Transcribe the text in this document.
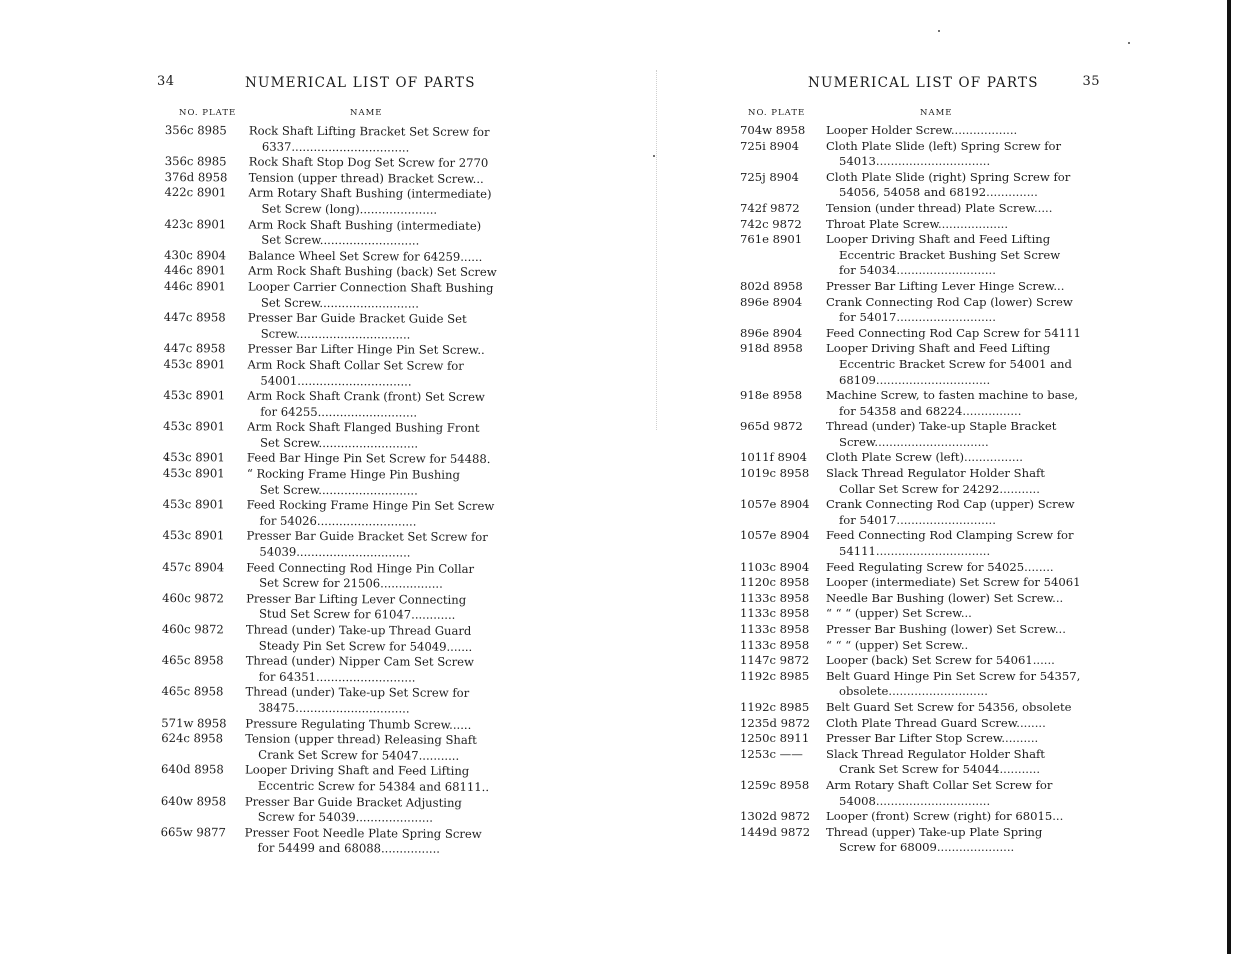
34	NUMERICAL LIST OF PARTS
NO. PLATE	NAME
356c 8985	Rock Shaft Lifting Bracket Set Screw for
6337................................
356c 8985	Rock Shaft Stop Dog Set Screw for 2770
376d 8958	Tension (upper thread) Bracket Screw...
422c 8901	Arm Rotary Shaft Bushing (intermediate)
Set Screw (long).....................
423c 8901	Arm Rock Shaft Bushing (intermediate)
Set Screw...........................
430c 8904	Balance Wheel Set Screw for 64259......
446c 8901	Arm Rock Shaft Bushing (back) Set Screw
446c 8901	Looper Carrier Connection Shaft Bushing
Set Screw...........................
447c 8958	Presser Bar Guide Bracket Guide Set
Screw...............................
447c 8958	Presser Bar Lifter Hinge Pin Set Screw..
453c 8901	Arm Rock Shaft Collar Set Screw for
54001...............................
453c 8901	Arm Rock Shaft Crank (front) Set Screw
for 64255...........................
453c 8901	Arm Rock Shaft Flanged Bushing Front
Set Screw...........................
453c 8901	Feed Bar Hinge Pin Set Screw for 54488.
453c 8901	“ Rocking Frame Hinge Pin Bushing
Set Screw...........................
453c 8901	Feed Rocking Frame Hinge Pin Set Screw
for 54026...........................
453c 8901	Presser Bar Guide Bracket Set Screw for
54039...............................
457c 8904	Feed Connecting Rod Hinge Pin Collar
Set Screw for 21506.................
460c 9872	Presser Bar Lifting Lever Connecting
Stud Set Screw for 61047............
460c 9872	Thread (under) Take-up Thread Guard
Steady Pin Set Screw for 54049.......
465c 8958	Thread (under) Nipper Cam Set Screw
for 64351...........................
465c 8958	Thread (under) Take-up Set Screw for
38475...............................
571w 8958	Pressure Regulating Thumb Screw......
624c 8958	Tension (upper thread) Releasing Shaft
Crank Set Screw for 54047...........
640d 8958	Looper Driving Shaft and Feed Lifting
Eccentric Screw for 54384 and 68111..
640w 8958	Presser Bar Guide Bracket Adjusting
Screw for 54039.....................
665w 9877	Presser Foot Needle Plate Spring Screw
for 54499 and 68088................
NUMERICAL LIST OF PARTS	35
NO. PLATE	NAME
704w 8958	Looper Holder Screw..................
725i 8904	Cloth Plate Slide (left) Spring Screw for
54013...............................
725j 8904	Cloth Plate Slide (right) Spring Screw for
54056, 54058 and 68192..............
742f 9872	Tension (under thread) Plate Screw.....
742c 9872	Throat Plate Screw...................
761e 8901	Looper Driving Shaft and Feed Lifting
Eccentric Bracket Bushing Set Screw
for 54034...........................
802d 8958	Presser Bar Lifting Lever Hinge Screw...
896e 8904	Crank Connecting Rod Cap (lower) Screw
for 54017...........................
896e 8904	Feed Connecting Rod Cap Screw for 54111
918d 8958	Looper Driving Shaft and Feed Lifting
Eccentric Bracket Screw for 54001 and
68109...............................
918e 8958	Machine Screw, to fasten machine to base,
for 54358 and 68224................
965d 9872	Thread (under) Take-up Staple Bracket
Screw...............................
1011f 8904	Cloth Plate Screw (left)................
1019c 8958	Slack Thread Regulator Holder Shaft
Collar Set Screw for 24292...........
1057e 8904	Crank Connecting Rod Cap (upper) Screw
for 54017...........................
1057e 8904	Feed Connecting Rod Clamping Screw for
54111...............................
1103c 8904	Feed Regulating Screw for 54025........
1120c 8958	Looper (intermediate) Set Screw for 54061
1133c 8958	Needle Bar Bushing (lower) Set Screw...
1133c 8958	“ “ “ (upper) Set Screw...
1133c 8958	Presser Bar Bushing (lower) Set Screw...
1133c 8958	“ “ “ (upper) Set Screw..
1147c 9872	Looper (back) Set Screw for 54061......
1192c 8985	Belt Guard Hinge Pin Set Screw for 54357,
obsolete...........................
1192c 8985	Belt Guard Set Screw for 54356, obsolete
1235d 9872	Cloth Plate Thread Guard Screw........
1250c 8911	Presser Bar Lifter Stop Screw..........
1253c ——	Slack Thread Regulator Holder Shaft
Crank Set Screw for 54044...........
1259c 8958	Arm Rotary Shaft Collar Set Screw for
54008...............................
1302d 9872	Looper (front) Screw (right) for 68015...
1449d 9872	Thread (upper) Take-up Plate Spring
Screw for 68009.....................
